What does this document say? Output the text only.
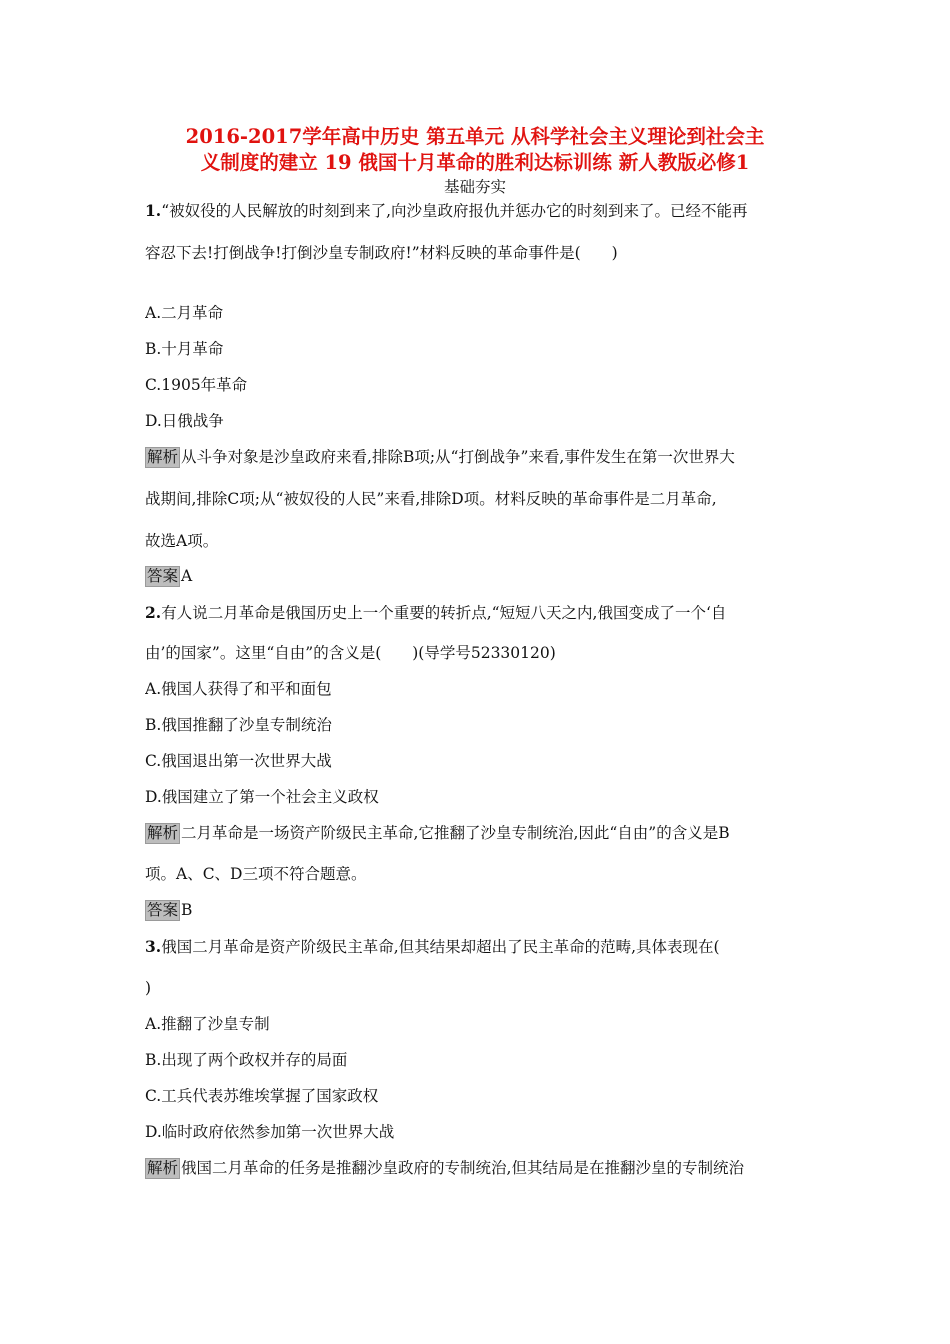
2016-2017学年高中历史 第五单元 从科学社会主义理论到社会主
义制度的建立 19 俄国十月革命的胜利达标训练 新人教版必修1
基础夯实
1.“被奴役的人民解放的时刻到来了,向沙皇政府报仇并惩办它的时刻到来了。已经不能再
容忍下去!打倒战争!打倒沙皇专制政府!”材料反映的革命事件是(　　)
A.二月革命
B.十月革命
C.1905年革命
D.日俄战争
解析 从斗争对象是沙皇政府来看,排除B项;从“打倒战争”来看,事件发生在第一次世界大
战期间,排除C项;从“被奴役的人民”来看,排除D项。材料反映的革命事件是二月革命,
故选A项。
答案 A
2.有人说二月革命是俄国历史上一个重要的转折点,“短短八天之内,俄国变成了一个‘自
由’的国家”。这里“自由”的含义是(　　)(导学号52330120)
A.俄国人获得了和平和面包
B.俄国推翻了沙皇专制统治
C.俄国退出第一次世界大战
D.俄国建立了第一个社会主义政权
解析 二月革命是一场资产阶级民主革命,它推翻了沙皇专制统治,因此“自由”的含义是B
项。A、C、D三项不符合题意。
答案 B
3.俄国二月革命是资产阶级民主革命,但其结果却超出了民主革命的范畴,具体表现在(
)
A.推翻了沙皇专制
B.出现了两个政权并存的局面
C.工兵代表苏维埃掌握了国家政权
D.临时政府依然参加第一次世界大战
解析 俄国二月革命的任务是推翻沙皇政府的专制统治,但其结局是在推翻沙皇的专制统治
